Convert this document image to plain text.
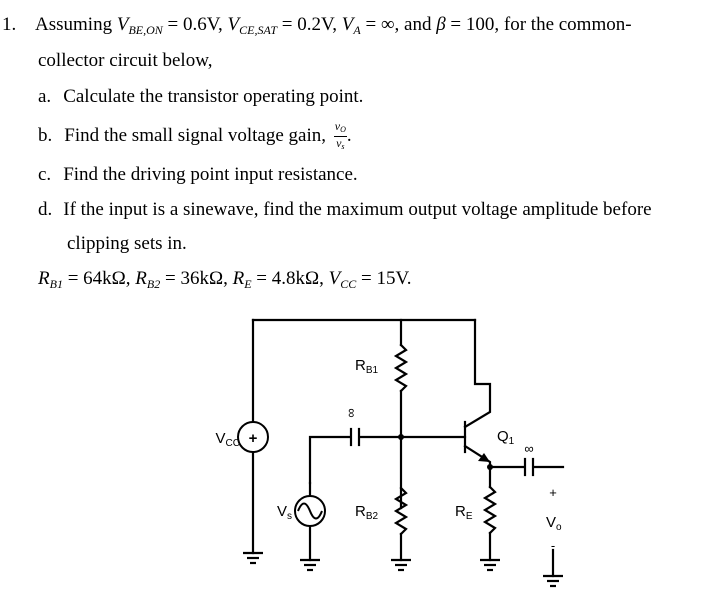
1. Assuming $V_{BE,ON} = 0.6V$, $V_{CE,SAT} = 0.2V$, $V_A$ = ∞, and β = 100, for the common-
collector circuit below,
a. Calculate the transistor operating point.
b. Find the small signal voltage gain, $\frac{v_O}{v_s}$ .
c. Find the driving point input resistance.
d. If the input is a sinewave, find the maximum output voltage amplitude before
clipping sets in.
$R_{B1} = 64k\Omega$, $R_{B2} = 36k\Omega$, $R_E = 4.8k\Omega$, $V_{CC} = 15V$.
$V_{CC}$ +
$V_s$
$R_{B1}$
$R_{B2}$	$R_E$
$Q_1$
∞
∞
+
$V_o$
-
